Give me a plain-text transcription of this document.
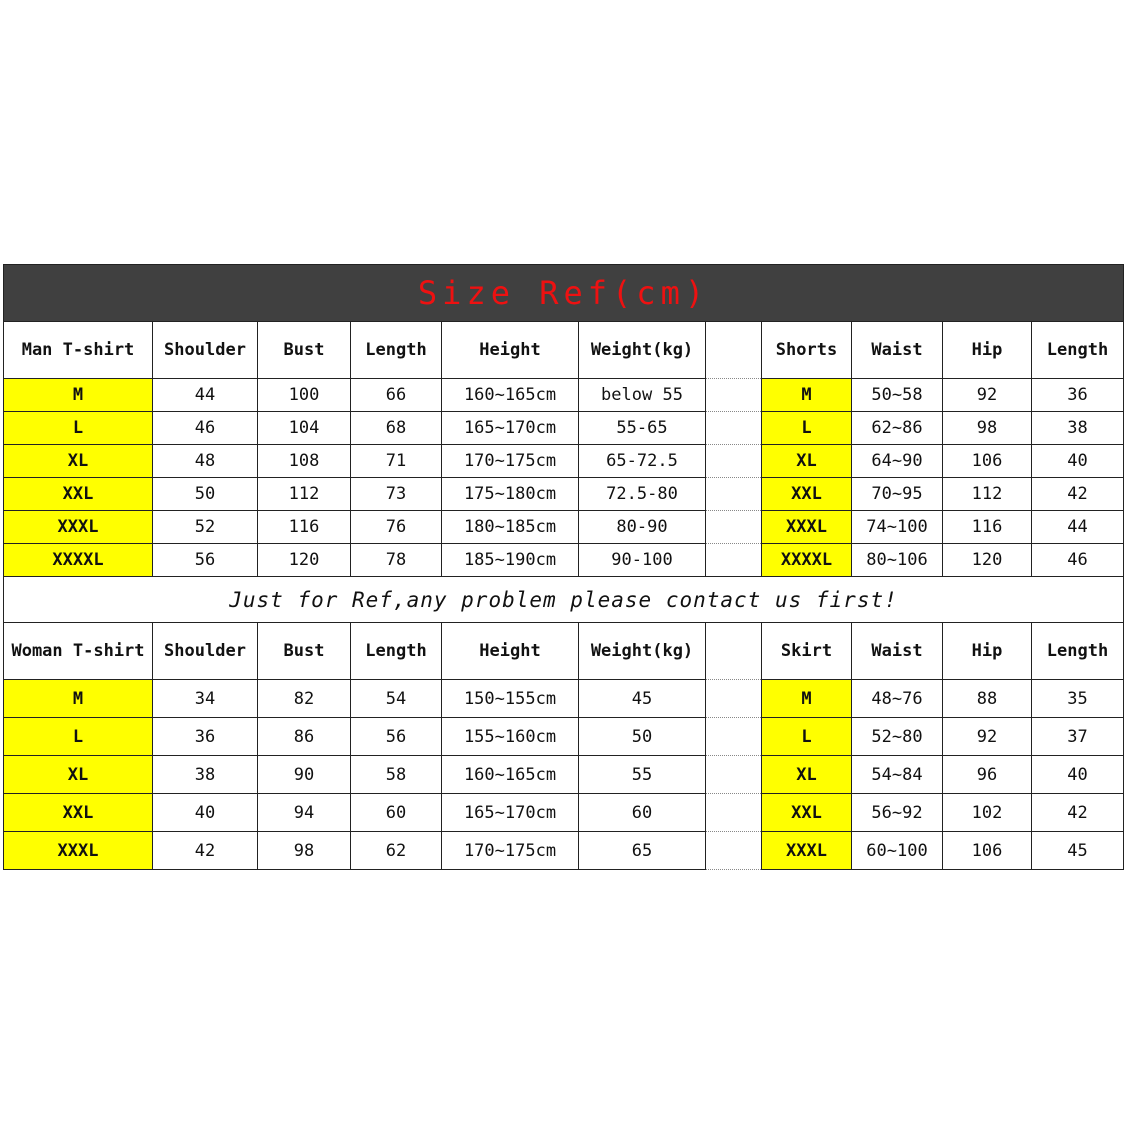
Size Ref(cm)										
Man T-shirt	Shoulder	Bust	Length	Height	Weight(kg)		Shorts	Waist	Hip	Length
M	44	100	66	160~165cm	below 55		M	50~58	92	36
L	46	104	68	165~170cm	55-65		L	62~86	98	38
XL	48	108	71	170~175cm	65-72.5		XL	64~90	106	40
XXL	50	112	73	175~180cm	72.5-80		XXL	70~95	112	42
XXXL	52	116	76	180~185cm	80-90		XXXL	74~100	116	44
XXXXL	56	120	78	185~190cm	90-100		XXXXL	80~106	120	46
Just for Ref,any problem please contact us first!										
Woman T-shirt	Shoulder	Bust	Length	Height	Weight(kg)		Skirt	Waist	Hip	Length
M	34	82	54	150~155cm	45		M	48~76	88	35
L	36	86	56	155~160cm	50		L	52~80	92	37
XL	38	90	58	160~165cm	55		XL	54~84	96	40
XXL	40	94	60	165~170cm	60		XXL	56~92	102	42
XXXL	42	98	62	170~175cm	65		XXXL	60~100	106	45
